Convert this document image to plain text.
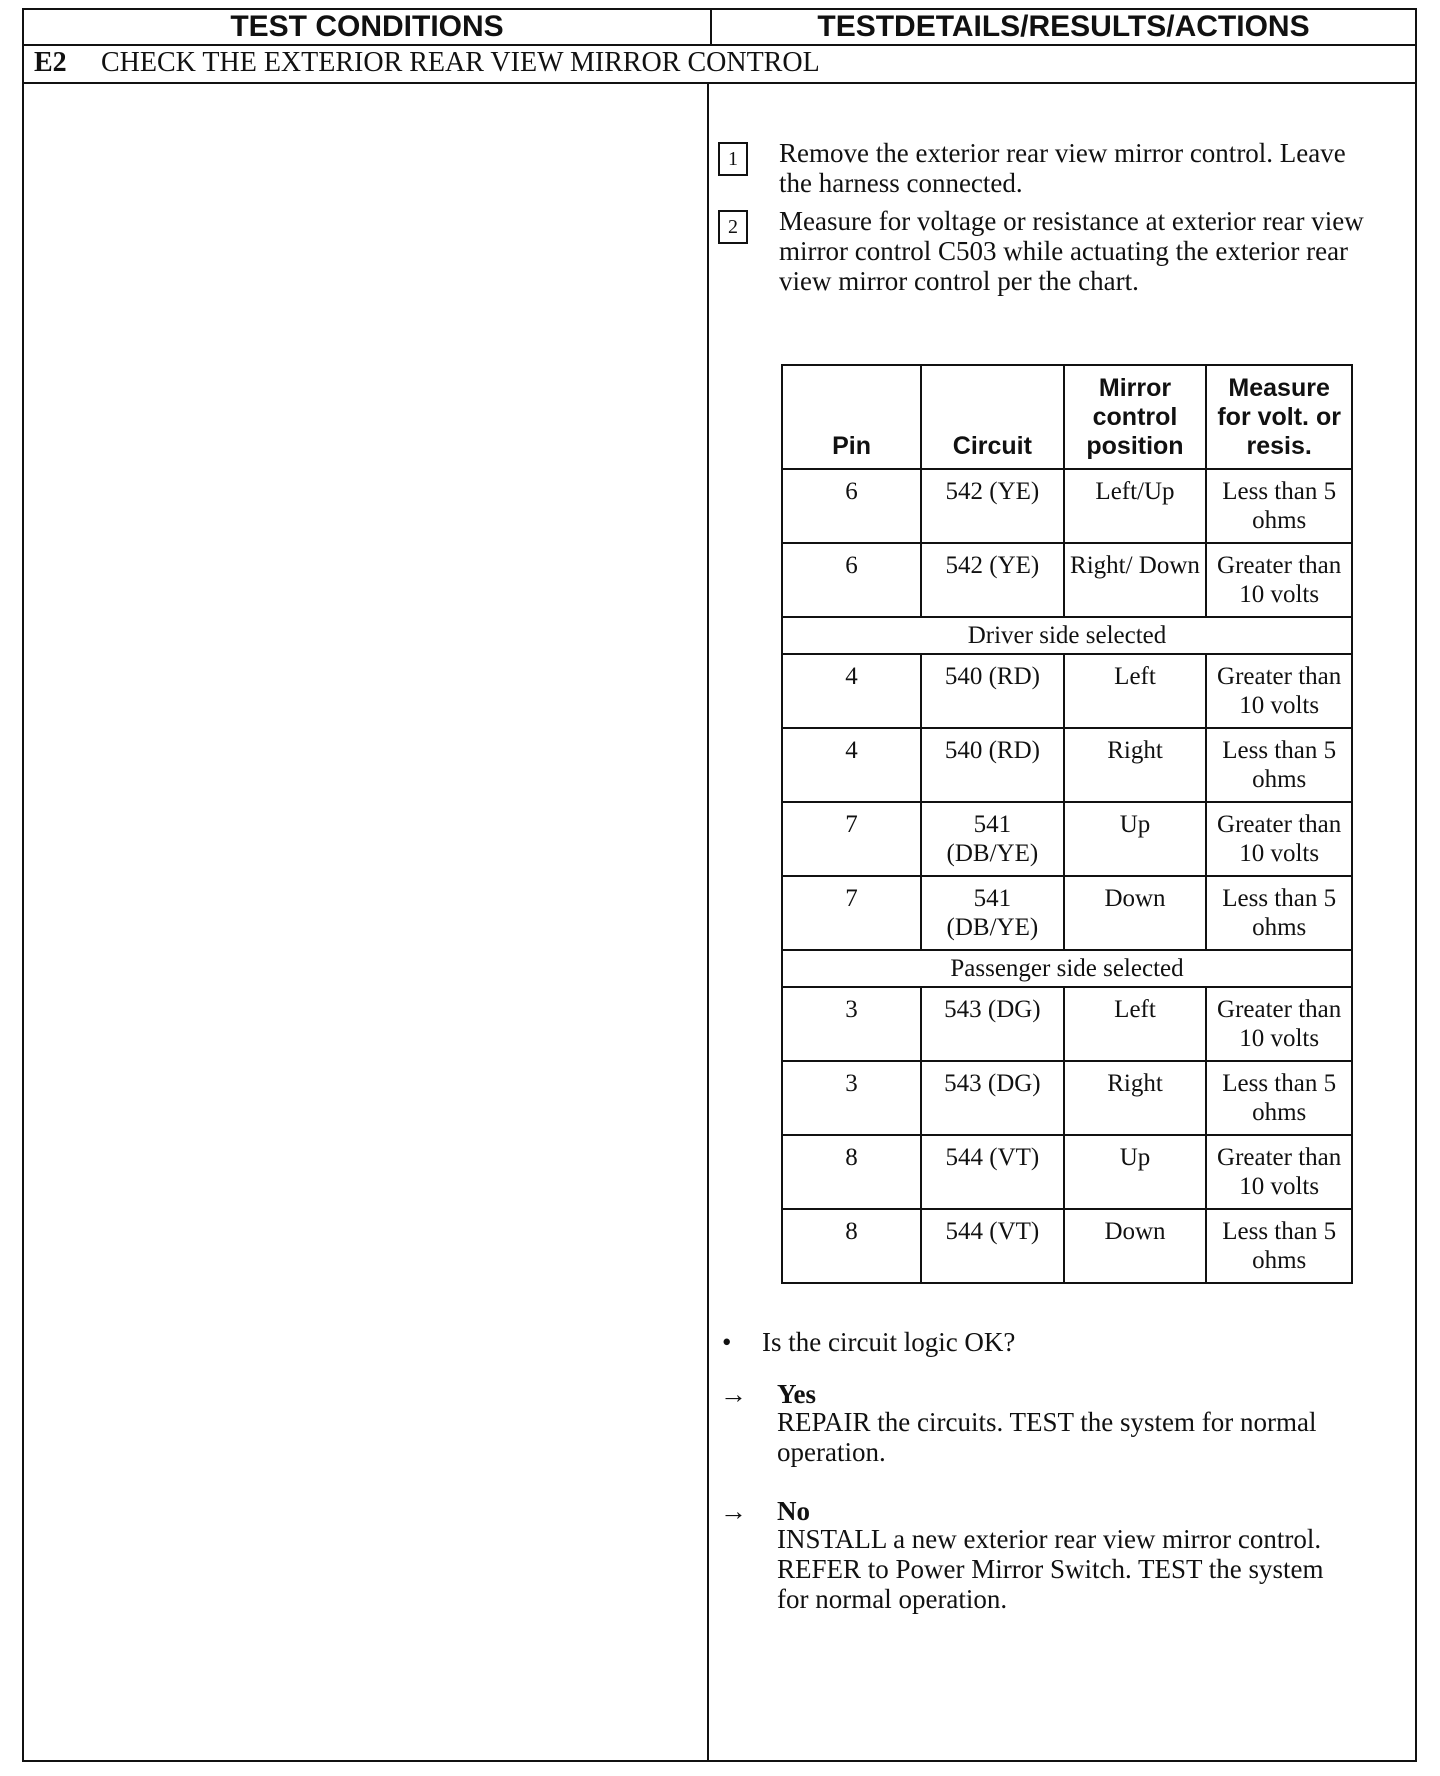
TEST CONDITIONS	TESTDETAILS/RESULTS/ACTIONS
E2 CHECK THE EXTERIOR REAR VIEW MIRROR CONTROL
1	Remove the exterior rear view mirror control. Leave the harness connected.
2	Measure for voltage or resistance at exterior rear view mirror control C503 while actuating the exterior rear view mirror control per the chart.
Pin	Circuit	Mirror control position	Measure for volt. or resis.
6	542 (YE)	Left/Up	Less than 5 ohms
6	542 (YE)	Right/ Down	Greater than 10 volts
Driver side selected			
4	540 (RD)	Left	Greater than 10 volts
4	540 (RD)	Right	Less than 5 ohms
7	541 (DB/YE)	Up	Greater than 10 volts
7	541 (DB/YE)	Down	Less than 5 ohms
Passenger side selected			
3	543 (DG)	Left	Greater than 10 volts
3	543 (DG)	Right	Less than 5 ohms
8	544 (VT)	Up	Greater than 10 volts
8	544 (VT)	Down	Less than 5 ohms
• Is the circuit logic OK?
→ Yes
REPAIR the circuits. TEST the system for normal operation.
→ No
INSTALL a new exterior rear view mirror control. REFER to Power Mirror Switch. TEST the system for normal operation.
